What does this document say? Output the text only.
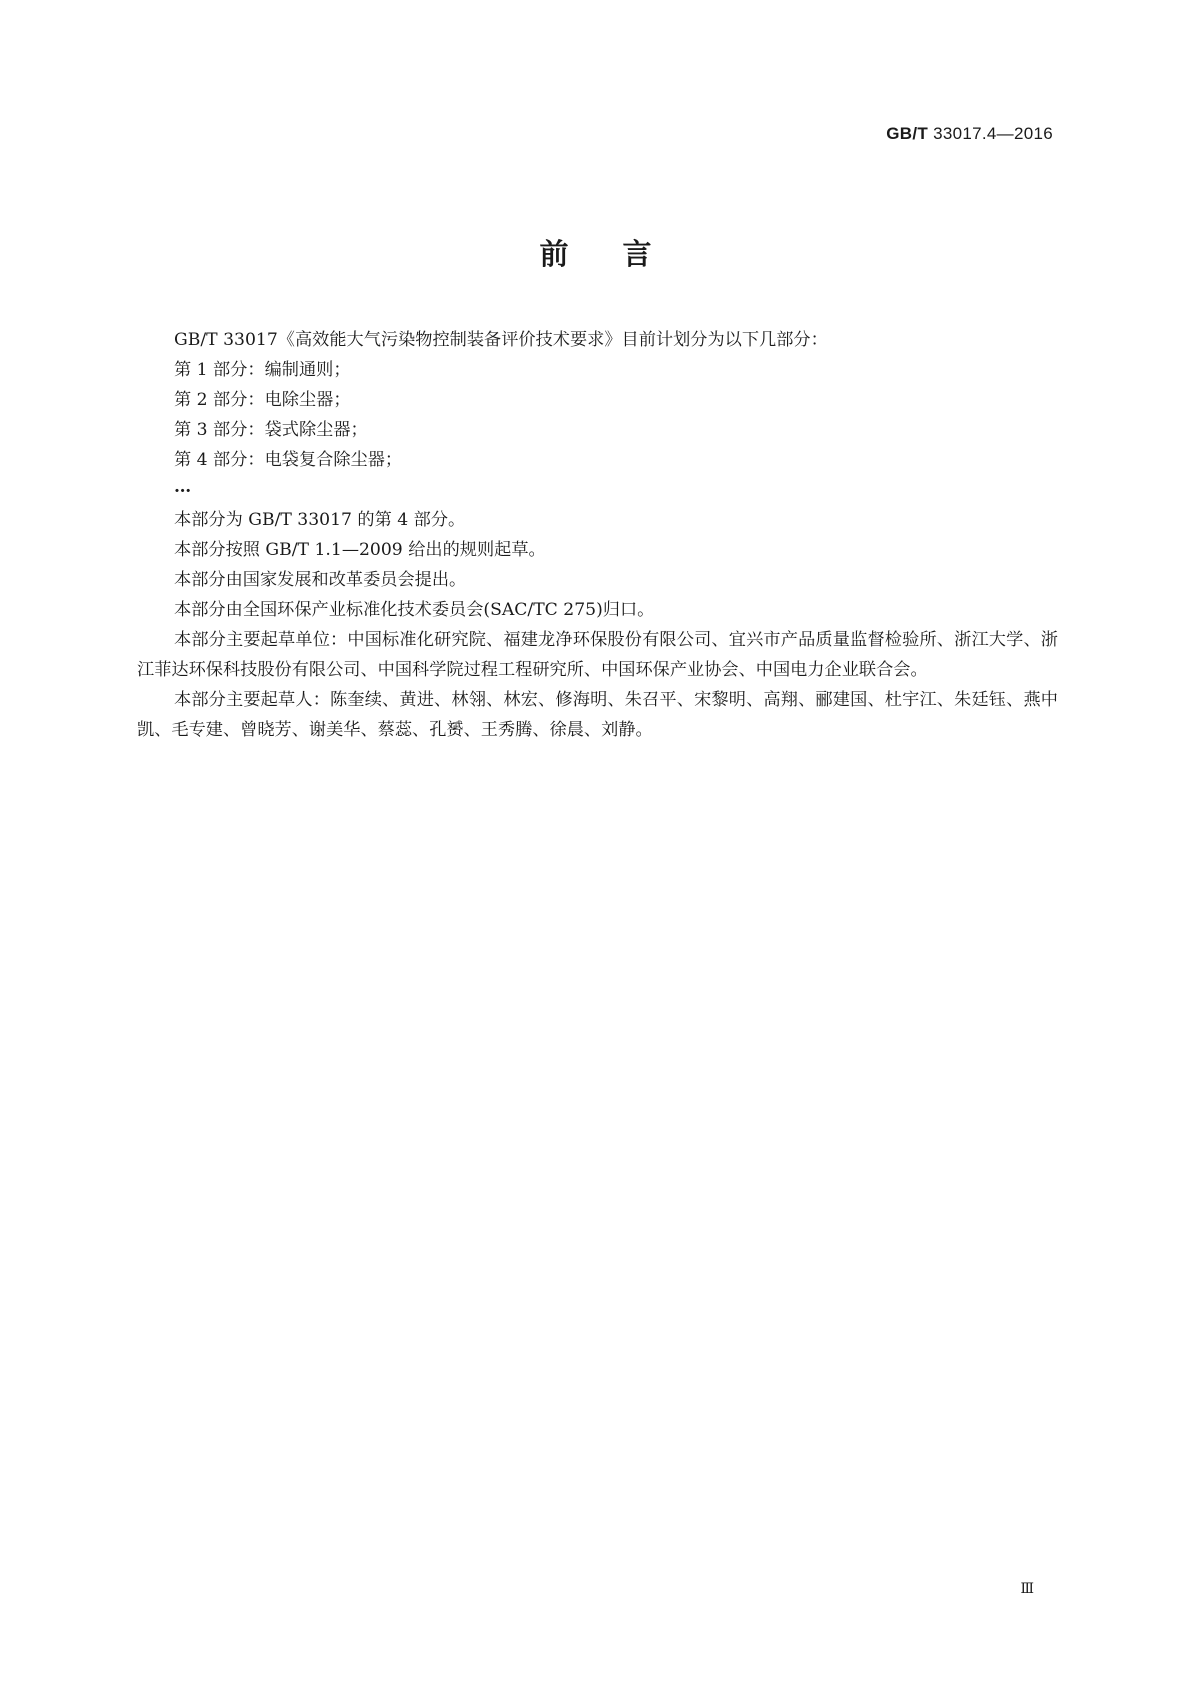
GB/T 33017.4—2016
前言

GB/T 33017《高效能大气污染物控制装备评价技术要求》目前计划分为以下几部分：

第 1 部分：编制通则；

第 2 部分：电除尘器；

第 3 部分：袋式除尘器；

第 4 部分：电袋复合除尘器；

…

本部分为 GB/T 33017 的第 4 部分。

本部分按照 GB/T 1.1—2009 给出的规则起草。

本部分由国家发展和改革委员会提出。

本部分由全国环保产业标准化技术委员会(SAC/TC 275)归口。

本部分主要起草单位：中国标准化研究院、福建龙净环保股份有限公司、宜兴市产品质量监督检验所、浙江大学、浙江菲达环保科技股份有限公司、中国科学院过程工程研究所、中国环保产业协会、中国电力企业联合会。

本部分主要起草人：陈奎续、黄进、林翎、林宏、修海明、朱召平、宋黎明、高翔、郦建国、杜宇江、朱廷钰、燕中凯、毛专建、曾晓芳、谢美华、蔡蕊、孔赟、王秀腾、徐晨、刘静。

Ⅲ
